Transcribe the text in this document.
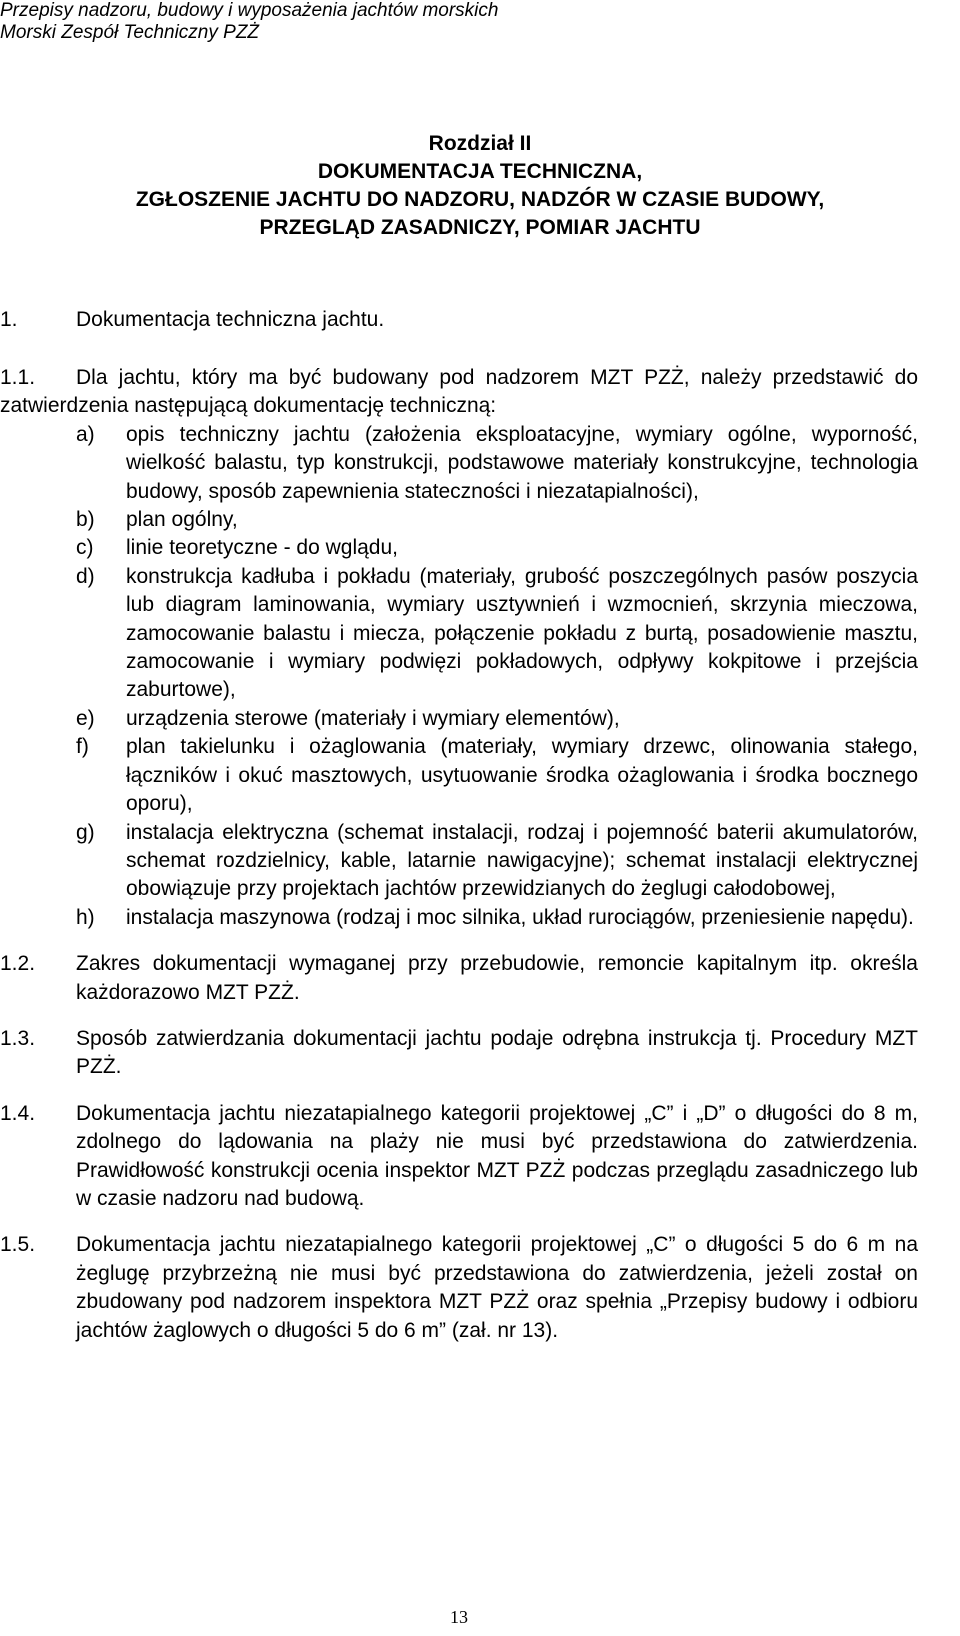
Przepisy nadzoru, budowy i wyposażenia jachtów morskich
Morski Zespół Techniczny PZŻ
Rozdział II
DOKUMENTACJA TECHNICZNA,
ZGŁOSZENIE JACHTU DO NADZORU, NADZÓR W CZASIE BUDOWY,
PRZEGLĄD ZASADNICZY, POMIAR JACHTU
1.	Dokumentacja techniczna jachtu.

1.1. Dla jachtu, który ma być budowany pod nadzorem MZT PZŻ, należy przedstawić do zatwierdzenia następującą dokumentację techniczną:

a) opis techniczny jachtu (założenia eksploatacyjne, wymiary ogólne, wyporność, wielkość balastu, typ konstrukcji, podstawowe materiały konstrukcyjne, technologia budowy, sposób zapewnienia stateczności i niezatapialności),
b) plan ogólny,
c) linie teoretyczne - do wglądu,
d) konstrukcja kadłuba i pokładu (materiały, grubość poszczególnych pasów poszycia lub diagram laminowania, wymiary usztywnień i wzmocnień, skrzynia mieczowa, zamocowanie balastu i miecza, połączenie pokładu z burtą, posadowienie masztu, zamocowanie i wymiary podwięzi pokładowych, odpływy kokpitowe i przejścia zaburtowe),
e) urządzenia sterowe (materiały i wymiary elementów),
f) plan takielunku i ożaglowania (materiały, wymiary drzewc, olinowania stałego, łączników i okuć masztowych, usytuowanie środka ożaglowania i środka bocznego oporu),
g) instalacja elektryczna (schemat instalacji, rodzaj i pojemność baterii akumulatorów, schemat rozdzielnicy, kable, latarnie nawigacyjne); schemat instalacji elektrycznej obowiązuje przy projektach jachtów przewidzianych do żeglugi całodobowej,
h) instalacja maszynowa (rodzaj i moc silnika, układ rurociągów, przeniesienie napędu).
1.2. Zakres dokumentacji wymaganej przy przebudowie, remoncie kapitalnym itp. określa każdorazowo MZT PZŻ.
1.3. Sposób zatwierdzania dokumentacji jachtu podaje odrębna instrukcja tj. Procedury MZT PZŻ.
1.4. Dokumentacja jachtu niezatapialnego kategorii projektowej „C” i „D” o długości do 8 m, zdolnego do lądowania na plaży nie musi być przedstawiona do zatwierdzenia. Prawidłowość konstrukcji ocenia inspektor MZT PZŻ podczas przeglądu zasadniczego lub w czasie nadzoru nad budową.
1.5. Dokumentacja jachtu niezatapialnego kategorii projektowej „C” o długości 5 do 6 m na żeglugę przybrzeżną nie musi być przedstawiona do zatwierdzenia, jeżeli został on zbudowany pod nadzorem inspektora MZT PZŻ oraz spełnia „Przepisy budowy i odbioru jachtów żaglowych o długości 5 do 6 m” (zał. nr 13).
13
